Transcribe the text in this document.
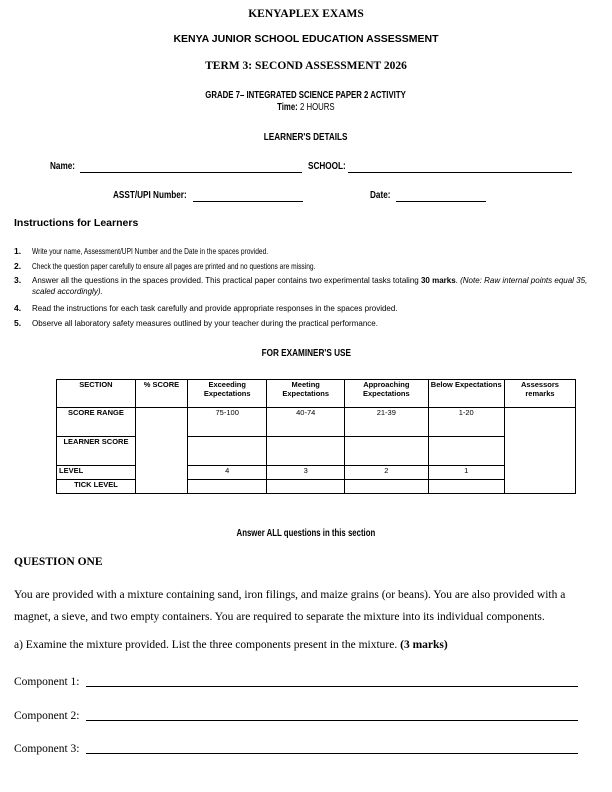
KENYAPLEX EXAMS
KENYA JUNIOR SCHOOL EDUCATION ASSESSMENT
TERM 3: SECOND ASSESSMENT 2026
GRADE 7– INTEGRATED SCIENCE PAPER 2 ACTIVITY
Time: 2 HOURS
LEARNER'S DETAILS
Name:	SCHOOL:
ASST/UPI Number:	Date:
Instructions for Learners
1. Write your name, Assessment/UPI Number and the Date in the spaces provided.
2. Check the question paper carefully to ensure all pages are printed and no questions are missing.
3. Answer all the questions in the spaces provided. This practical paper contains two experimental tasks totaling 30 marks. (Note: Raw internal points equal 35, scaled accordingly).
4. Read the instructions for each task carefully and provide appropriate responses in the spaces provided.
5. Observe all laboratory safety measures outlined by your teacher during the practical performance.
FOR EXAMINER'S USE
SECTION	% SCORE	Exceeding Expectations	Meeting Expectations	Approaching Expectations	Below Expectations	Assessors remarks
SCORE RANGE		75-100	40-74	21-39	1-20	
LEARNER SCORE						
LEVEL		4	3	2	1	
TICK LEVEL						
Answer ALL questions in this section
QUESTION ONE
You are provided with a mixture containing sand, iron filings, and maize grains (or beans). You are also provided with a magnet, a sieve, and two empty containers. You are required to separate the mixture into its individual components.
a) Examine the mixture provided. List the three components present in the mixture. (3 marks)
Component 1:
Component 2:
Component 3:
